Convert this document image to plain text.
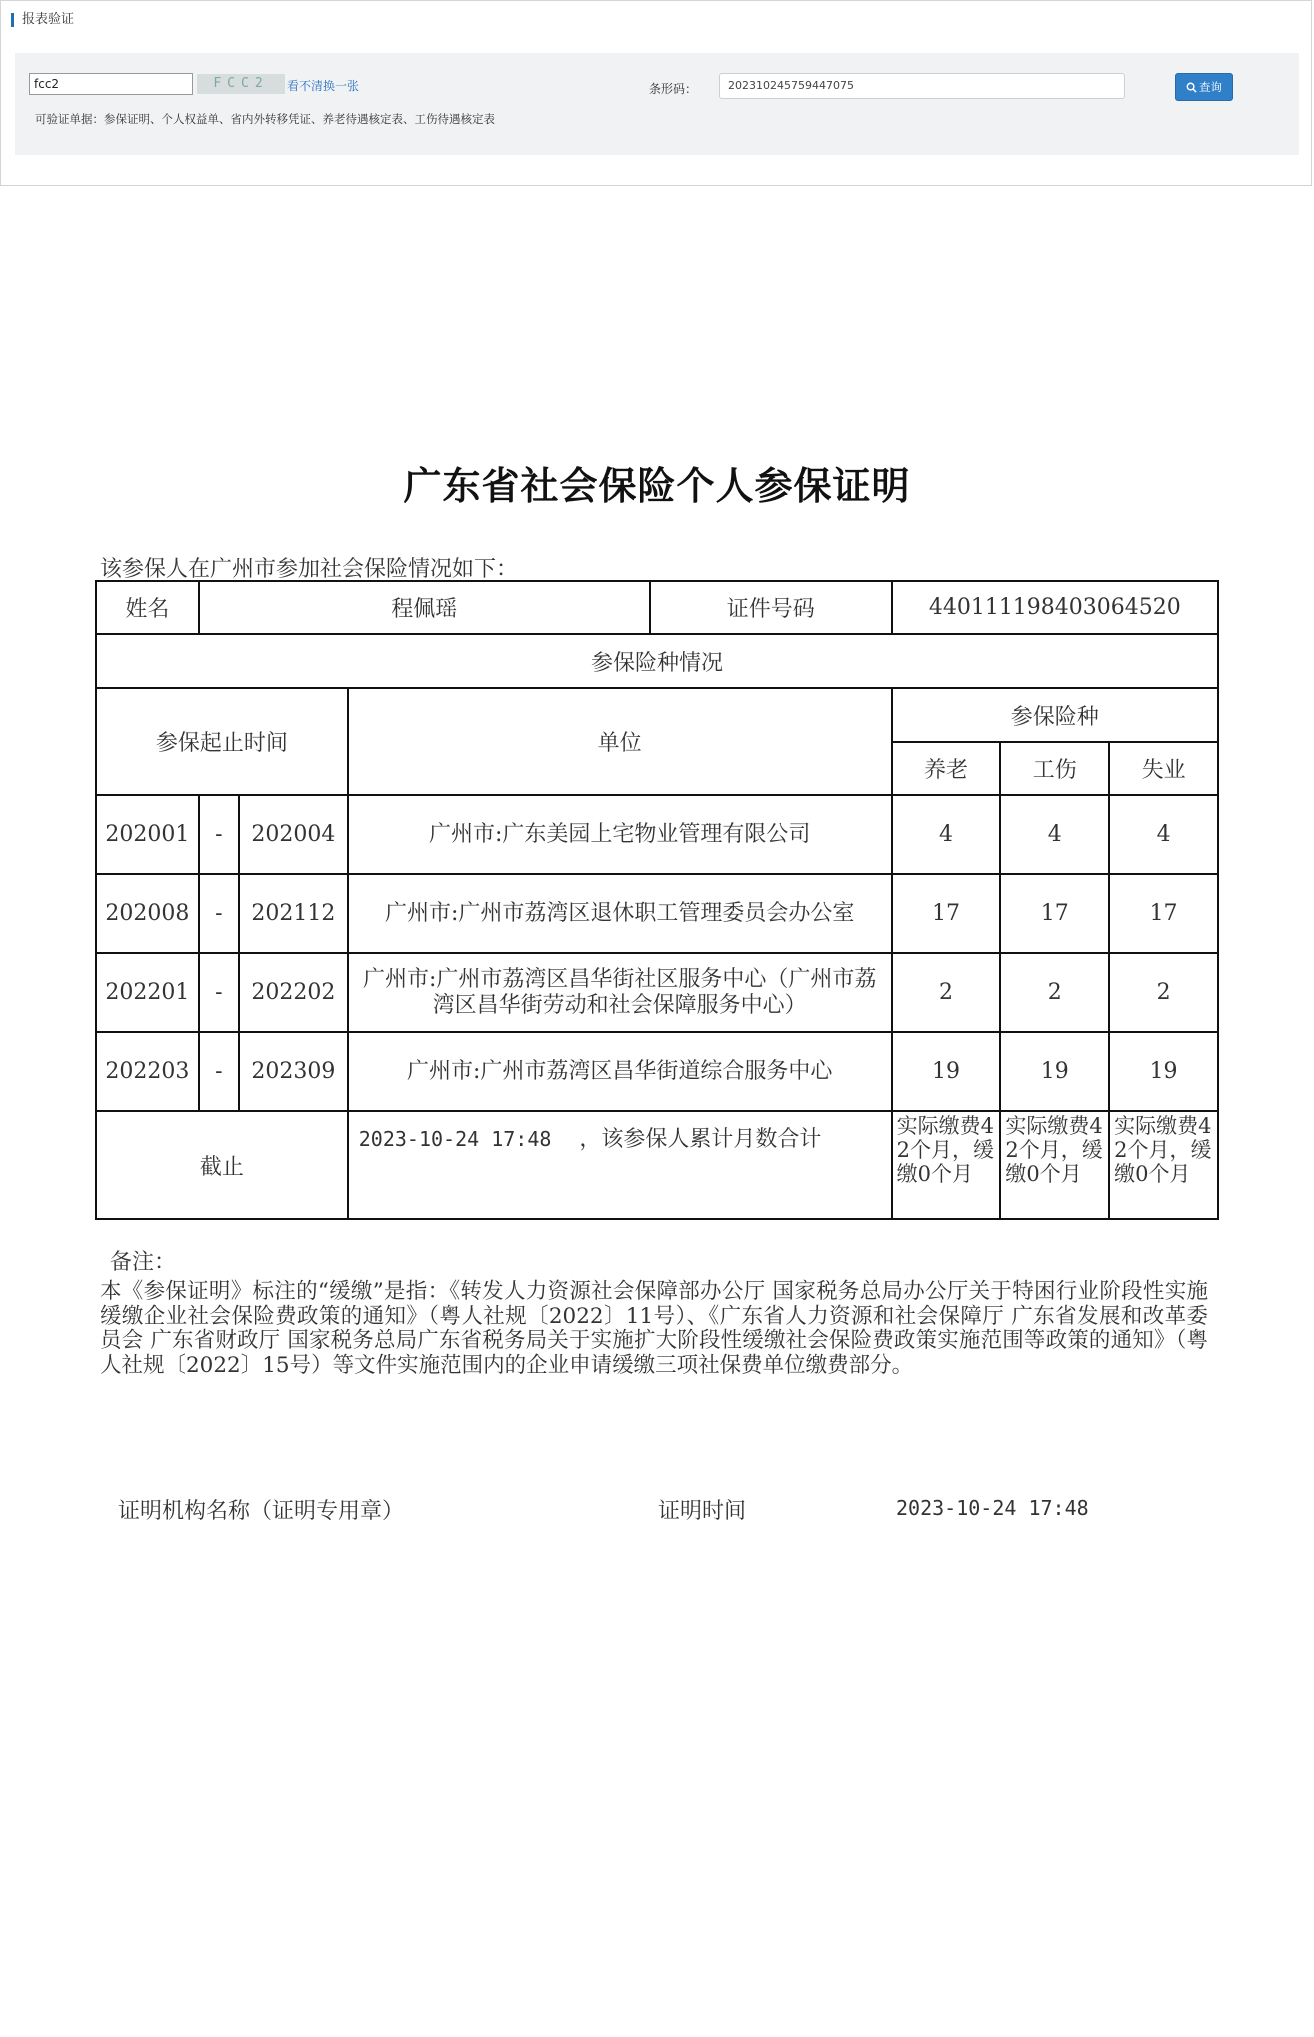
报表验证
fcc2	FCC2	看不清换一张
可验证单据：参保证明、个人权益单、省内外转移凭证、养老待遇核定表、工伤待遇核定表
条形码：	20231024575944707​5	查询
广东省社会保险个人参保证明
该参保人在广州市参加社会保险情况如下：
姓名	程佩瑶			证件号码	440111198403064520		
参保险种情况							
参保起止时间			单位		参保险种		
					养老	工伤	失业
202001	-	202004	广州市:广东美园上宅物业管理有限公司		4	4	4
202008	-	202112	广州市:广州市荔湾区退休职工管理委员会办公室		17	17	17
202201	-	202202	广州市:广州市荔湾区昌华街社区服务中心（广州市荔湾区昌华街劳动和社会保障服务中心）		2	2	2
202203	-	202309	广州市:广州市荔湾区昌华街道综合服务中心		19	19	19
截止			2023-10-24 17:48 ，该参保人累计月数合计		实际缴费42个月，缓缴0个月	实际缴费42个月，缓缴0个月	实际缴费42个月，缓缴0个月
备注：
本《参保证明》标注的“缓缴”是指：《转发人力资源社会保障部办公厅 国家税务总局办公厅关于特困行业阶段性实施缓缴企业社会保险费政策的通知》（粤人社规〔2022〕11号）、《广东省人力资源和社会保障厅 广东省发展和改革委员会 广东省财政厅 国家税务总局广东省税务局关于实施扩大阶段性缓缴社会保险费政策实施范围等政策的通知》（粤人社规〔2022〕15号）等文件实施范围内的企业申请缓缴三项社保费单位缴费部分。
证明机构名称（证明专用章）	证明时间	2023-10-24 17:48
